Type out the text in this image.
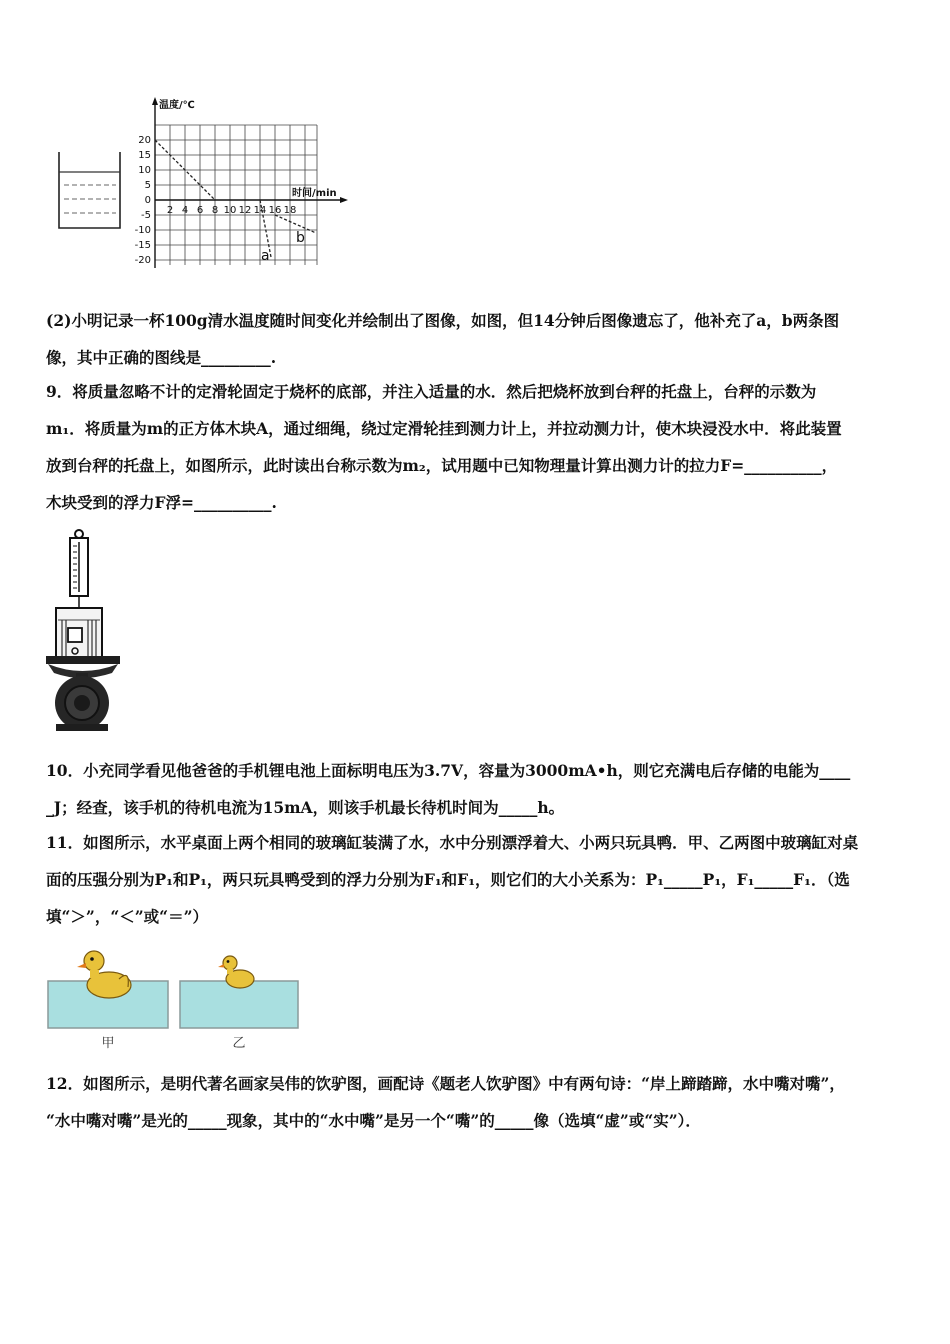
温度/℃
时间/min
20
15
10
5
0
-5
-10
-15
-20
2 4 6 8 10 12 14 16 18
a
b
(2)小明记录一杯100g清水温度随时间变化并绘制出了图像，如图，但14分钟后图像遗忘了，他补充了a，b两条图
像，其中正确的图线是_________.
9．将质量忽略不计的定滑轮固定于烧杯的底部，并注入适量的水．然后把烧杯放到台秤的托盘上，台秤的示数为
m₁．将质量为m的正方体木块A，通过细绳，绕过定滑轮挂到测力计上，并拉动测力计，使木块浸没水中．将此装置
放到台秤的托盘上，如图所示，此时读出台称示数为m₂，试用题中已知物理量计算出测力计的拉力F=__________，
木块受到的浮力F浮=__________.
10．小充同学看见他爸爸的手机锂电池上面标明电压为3.7V，容量为3000mA•h，则它充满电后存储的电能为____
_J；经查，该手机的待机电流为15mA，则该手机最长待机时间为_____h。
11．如图所示，水平桌面上两个相同的玻璃缸装满了水，水中分别漂浮着大、小两只玩具鸭．甲、乙两图中玻璃缸对桌
面的压强分别为P₁和P₁，两只玩具鸭受到的浮力分别为F₁和F₁，则它们的大小关系为：P₁_____P₁，F₁_____F₁．（选
填“＞”，“＜”或“＝”）
甲	乙
12．如图所示，是明代著名画家吴伟的饮驴图，画配诗《题老人饮驴图》中有两句诗：“岸上蹄踏蹄，水中嘴对嘴”，
“水中嘴对嘴”是光的_____现象，其中的“水中嘴”是另一个“嘴”的_____像（选填“虚”或“实”）．
